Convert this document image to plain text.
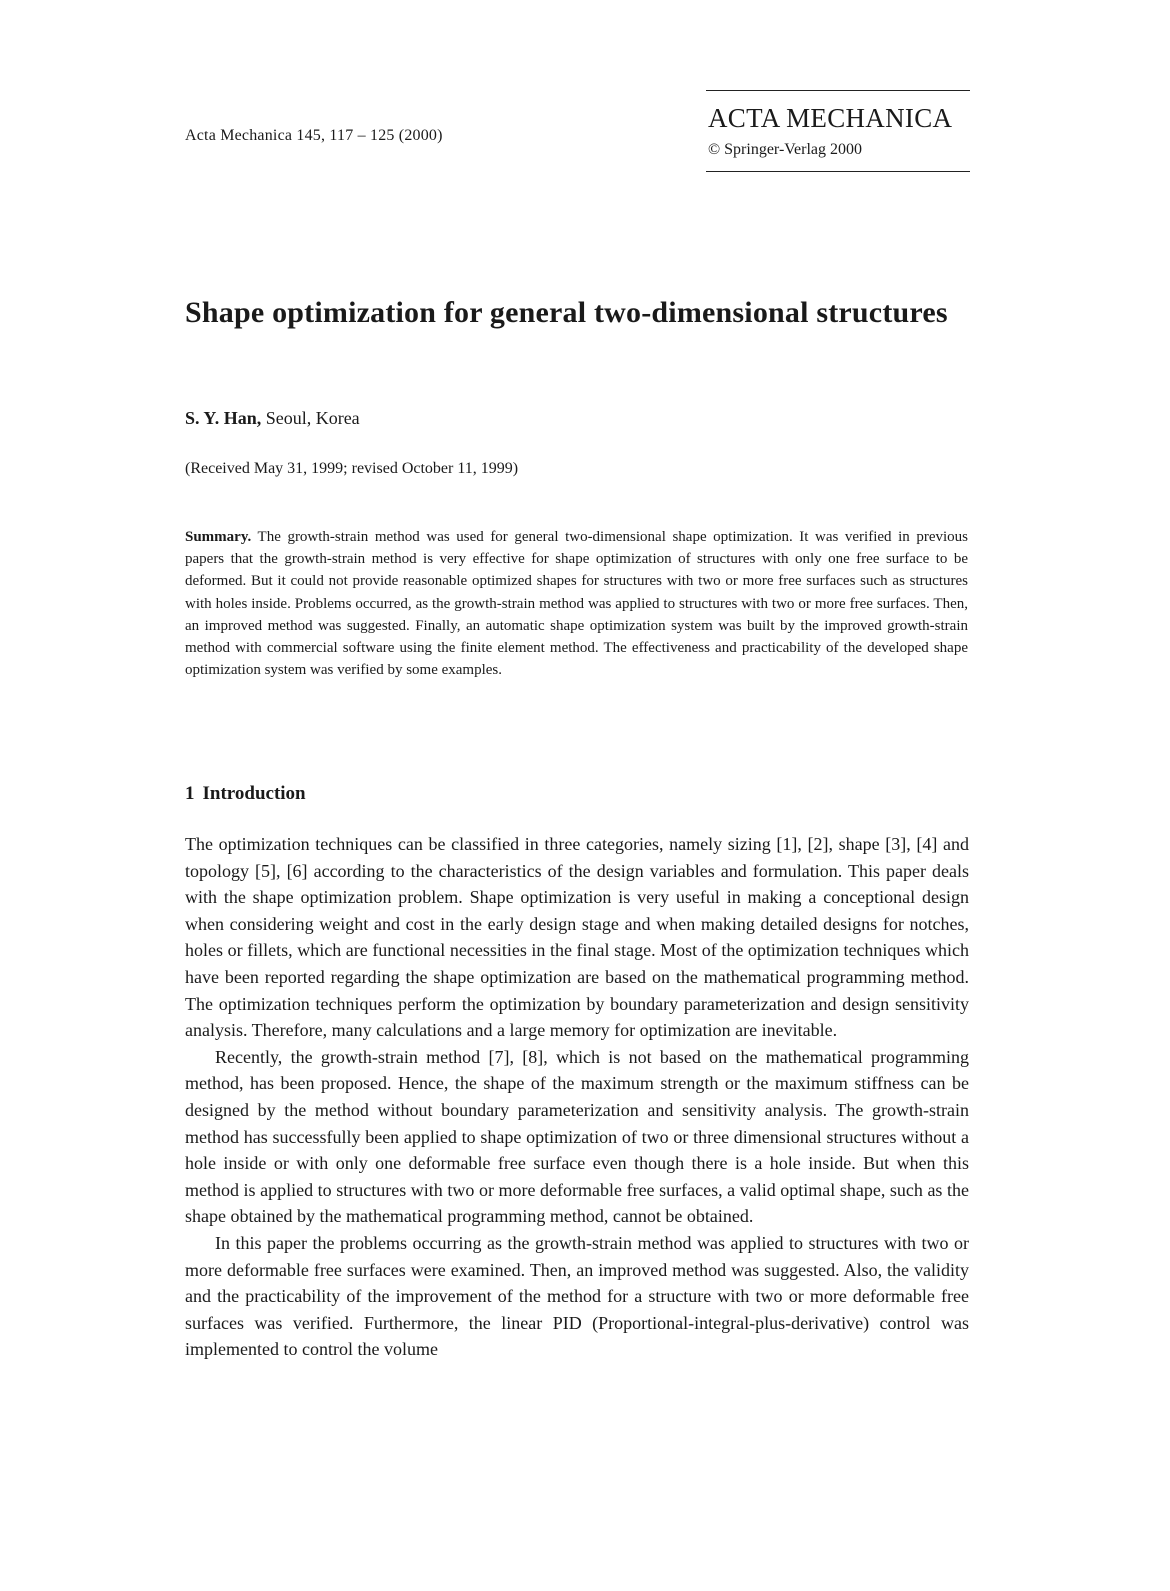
Acta Mechanica 145, 117 – 125 (2000)
ACTA MECHANICA
© Springer-Verlag 2000
Shape optimization for general two-dimensional structures
S. Y. Han, Seoul, Korea
(Received May 31, 1999; revised October 11, 1999)

Summary. The growth-strain method was used for general two-dimensional shape optimization. It was verified in previous papers that the growth-strain method is very effective for shape optimization of structures with only one free surface to be deformed. But it could not provide reasonable optimized shapes for structures with two or more free surfaces such as structures with holes inside. Problems occurred, as the growth-strain method was applied to structures with two or more free surfaces. Then, an improved method was suggested. Finally, an automatic shape optimization system was built by the improved growth-strain method with commercial software using the finite element method. The effectiveness and practicability of the developed shape optimization system was verified by some examples.

1 Introduction

The optimization techniques can be classified in three categories, namely sizing [1], [2], shape [3], [4] and topology [5], [6] according to the characteristics of the design variables and formulation. This paper deals with the shape optimization problem. Shape optimization is very useful in making a conceptional design when considering weight and cost in the early design stage and when making detailed designs for notches, holes or fillets, which are functional necessities in the final stage. Most of the optimization techniques which have been reported regarding the shape optimization are based on the mathematical programming method. The optimization techniques perform the optimization by boundary parameterization and design sensitivity analysis. Therefore, many calculations and a large memory for optimization are inevitable.

Recently, the growth-strain method [7], [8], which is not based on the mathematical programming method, has been proposed. Hence, the shape of the maximum strength or the maximum stiffness can be designed by the method without boundary parameterization and sensitivity analysis. The growth-strain method has successfully been applied to shape optimization of two or three dimensional structures without a hole inside or with only one deformable free surface even though there is a hole inside. But when this method is applied to structures with two or more deformable free surfaces, a valid optimal shape, such as the shape obtained by the mathematical programming method, cannot be obtained.

In this paper the problems occurring as the growth-strain method was applied to structures with two or more deformable free surfaces were examined. Then, an improved method was suggested. Also, the validity and the practicability of the improvement of the method for a structure with two or more deformable free surfaces was verified. Furthermore, the linear PID (Proportional-integral-plus-derivative) control was implemented to control the volume
